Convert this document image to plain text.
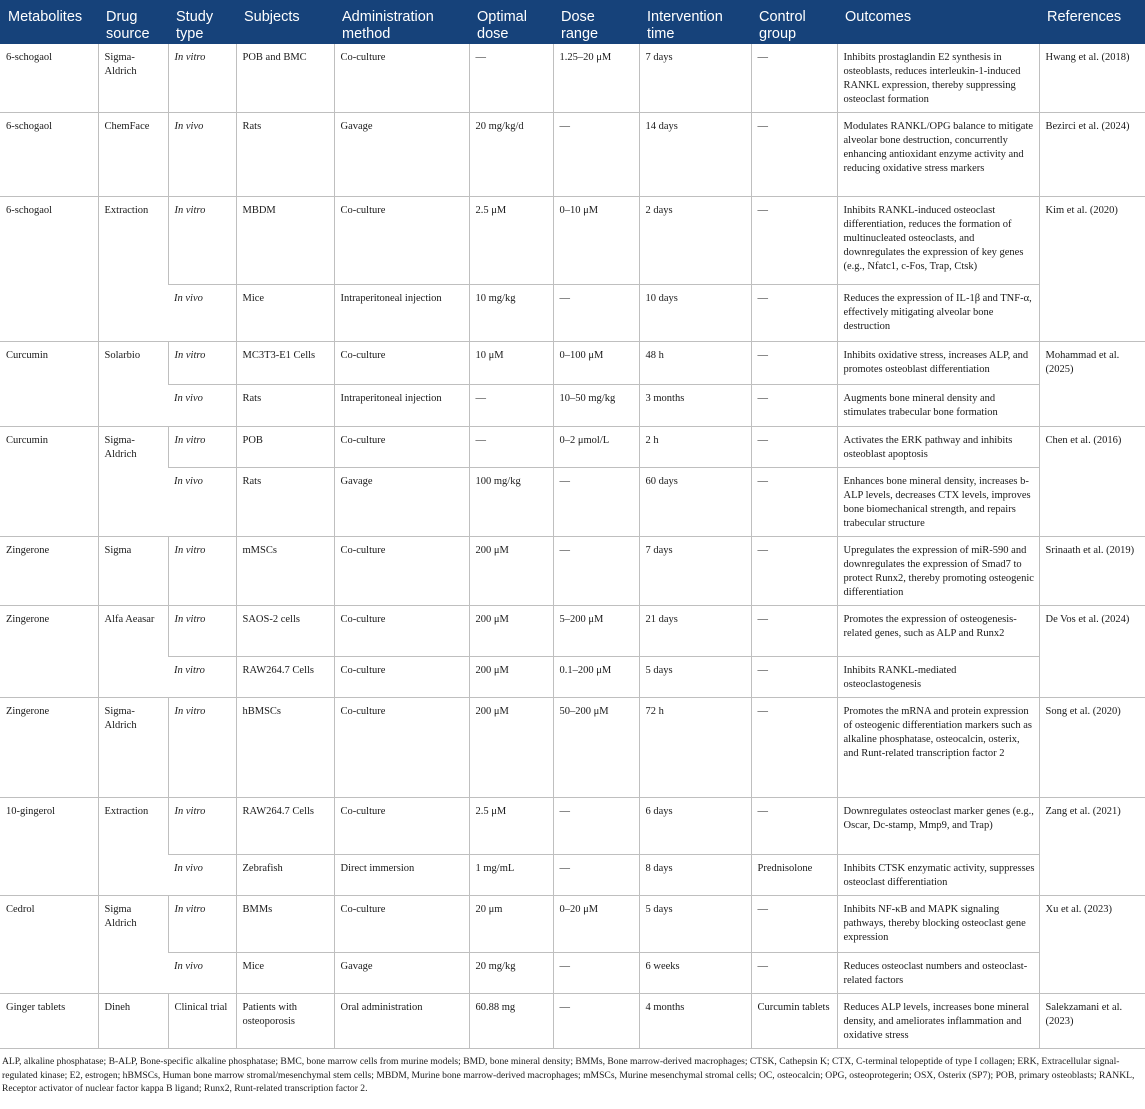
Metabolites	Drug source	Study type	Subjects	Administration method	Optimal dose	Dose range	Intervention time	Control group	Outcomes	References
6-schogaol	Sigma-Aldrich	In vitro	POB and BMC	Co-culture	—	1.25–20 μM	7 days	—	Inhibits prostaglandin E2 synthesis in osteoblasts, reduces interleukin-1-induced RANKL expression, thereby suppressing osteoclast formation	Hwang et al. (2018)
6-schogaol	ChemFace	In vivo	Rats	Gavage	20 mg/kg/d	—	14 days	—	Modulates RANKL/OPG balance to mitigate alveolar bone destruction, concurrently enhancing antioxidant enzyme activity and reducing oxidative stress markers	Bezirci et al. (2024)
6-schogaol	Extraction	In vitro	MBDM	Co-culture	2.5 μM	0–10 μM	2 days	—	Inhibits RANKL-induced osteoclast differentiation, reduces the formation of multinucleated osteoclasts, and downregulates the expression of key genes (e.g., Nfatc1, c-Fos, Trap, Ctsk)	Kim et al. (2020)
		In vivo	Mice	Intraperitoneal injection	10 mg/kg	—	10 days	—	Reduces the expression of IL-1β and TNF-α, effectively mitigating alveolar bone destruction	
Curcumin	Solarbio	In vitro	MC3T3-E1 Cells	Co-culture	10 μM	0–100 μM	48 h	—	Inhibits oxidative stress, increases ALP, and promotes osteoblast differentiation	Mohammad et al. (2025)
		In vivo	Rats	Intraperitoneal injection	—	10–50 mg/kg	3 months	—	Augments bone mineral density and stimulates trabecular bone formation	
Curcumin	Sigma-Aldrich	In vitro	POB	Co-culture	—	0–2 μmol/L	2 h	—	Activates the ERK pathway and inhibits osteoblast apoptosis	Chen et al. (2016)
		In vivo	Rats	Gavage	100 mg/kg	—	60 days	—	Enhances bone mineral density, increases b-ALP levels, decreases CTX levels, improves bone biomechanical strength, and repairs trabecular structure	
Zingerone	Sigma	In vitro	mMSCs	Co-culture	200 μM	—	7 days	—	Upregulates the expression of miR-590 and downregulates the expression of Smad7 to protect Runx2, thereby promoting osteogenic differentiation	Srinaath et al. (2019)
Zingerone	Alfa Aeasar	In vitro	SAOS-2 cells	Co-culture	200 μM	5–200 μM	21 days	—	Promotes the expression of osteogenesis-related genes, such as ALP and Runx2	De Vos et al. (2024)
		In vitro	RAW264.7 Cells	Co-culture	200 μM	0.1–200 μM	5 days	—	Inhibits RANKL-mediated osteoclastogenesis	
Zingerone	Sigma-Aldrich	In vitro	hBMSCs	Co-culture	200 μM	50–200 μM	72 h	—	Promotes the mRNA and protein expression of osteogenic differentiation markers such as alkaline phosphatase, osteocalcin, osterix, and Runt-related transcription factor 2	Song et al. (2020)
10-gingerol	Extraction	In vitro	RAW264.7 Cells	Co-culture	2.5 μM	—	6 days	—	Downregulates osteoclast marker genes (e.g., Oscar, Dc-stamp, Mmp9, and Trap)	Zang et al. (2021)
		In vivo	Zebrafish	Direct immersion	1 mg/mL	—	8 days	Prednisolone	Inhibits CTSK enzymatic activity, suppresses osteoclast differentiation	
Cedrol	Sigma Aldrich	In vitro	BMMs	Co-culture	20 μm	0–20 μM	5 days	—	Inhibits NF-κB and MAPK signaling pathways, thereby blocking osteoclast gene expression	Xu et al. (2023)
		In vivo	Mice	Gavage	20 mg/kg	—	6 weeks	—	Reduces osteoclast numbers and osteoclast-related factors	
Ginger tablets	Dineh	Clinical trial	Patients with osteoporosis	Oral administration	60.88 mg	—	4 months	Curcumin tablets	Reduces ALP levels, increases bone mineral density, and ameliorates inflammation and oxidative stress	Salekzamani et al. (2023)
ALP, alkaline phosphatase; B-ALP, Bone-specific alkaline phosphatase; BMC, bone marrow cells from murine models; BMD, bone mineral density; BMMs, Bone marrow-derived macrophages; CTSK, Cathepsin K; CTX, C-terminal telopeptide of type I collagen; ERK, Extracellular signal-regulated kinase; E2, estrogen; hBMSCs, Human bone marrow stromal/mesenchymal stem cells; MBDM, Murine bone marrow-derived macrophages; mMSCs, Murine mesenchymal stromal cells; OC, osteocalcin; OPG, osteoprotegerin; OSX, Osterix (SP7); POB, primary osteoblasts; RANKL, Receptor activator of nuclear factor kappa B ligand; Runx2, Runt-related transcription factor 2.
